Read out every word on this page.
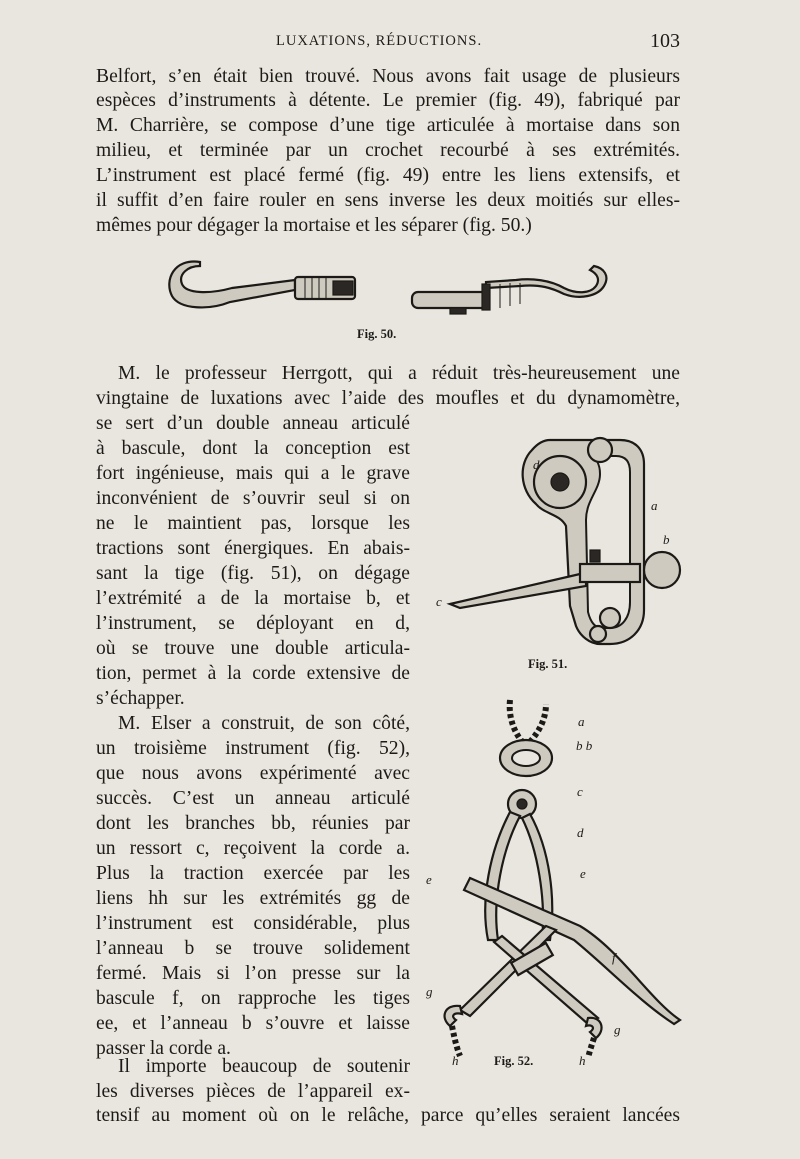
LUXATIONS, RÉDUCTIONS.	103
Belfort, s’en était bien trouvé. Nous avons fait usage de plusieurs
espèces d’instruments à détente. Le premier (fig. 49), fabriqué par
M. Charrière, se compose d’une tige articulée à mortaise dans son
milieu, et terminée par un crochet recourbé à ses extrémités.
L’instrument est placé fermé (fig. 49) entre les liens extensifs, et
il suffit d’en faire rouler en sens inverse les deux moitiés sur elles-
mêmes pour dégager la mortaise et les séparer (fig. 50.)
Fig. 50.
M. le professeur Herrgott, qui a réduit très-heureusement une
vingtaine de luxations avec l’aide des moufles et du dynamomètre,
se sert d’un double anneau articulé
à bascule, dont la conception est
fort ingénieuse, mais qui a le grave
inconvénient de s’ouvrir seul si on
ne le maintient pas, lorsque les
tractions sont énergiques. En abais-
sant la tige (fig. 51), on dégage
l’extrémité a de la mortaise b, et
l’instrument, se déployant en d,
où se trouve une double articula-
tion, permet à la corde extensive de
s’échapper.
d
a
b
c
Fig. 51.
M. Elser a construit, de son côté,
un troisième instrument (fig. 52),
que nous avons expérimenté avec
succès. C’est un anneau articulé
dont les branches bb, réunies par
un ressort c, reçoivent la corde a.
Plus la traction exercée par les
liens hh sur les extrémités gg de
l’instrument est considérable, plus
l’anneau b se trouve solidement
fermé. Mais si l’on presse sur la
bascule f, on rapproche les tiges
ee, et l’anneau b s’ouvre et laisse
passer la corde a.
a
b b
c
d
e	e
f
g
g
h	h
Fig. 52.
Il importe beaucoup de soutenir
les diverses pièces de l’appareil ex-
tensif au moment où on le relâche, parce qu’elles seraient lancées
